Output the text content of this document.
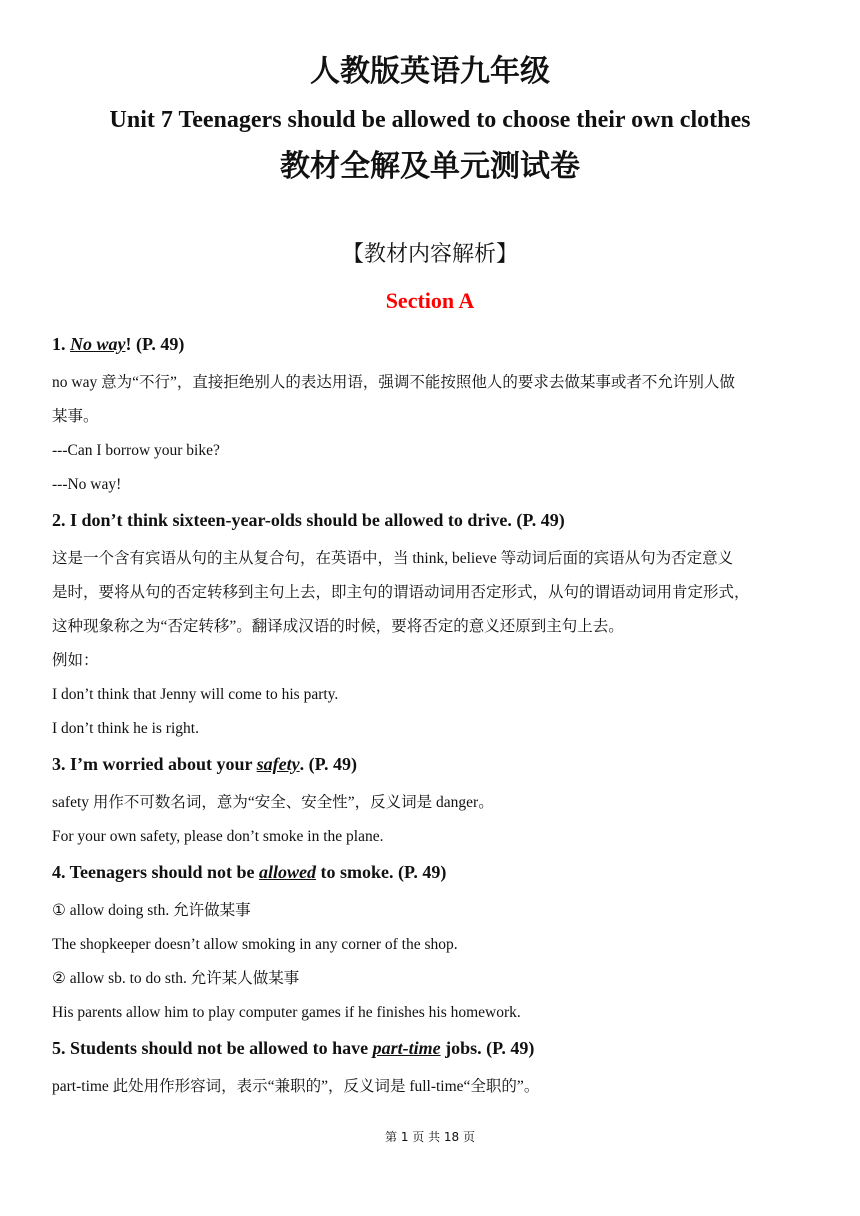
人教版英语九年级
Unit 7 Teenagers should be allowed to choose their own clothes
教材全解及单元测试卷
【教材内容解析】
Section A
1. No way! (P. 49)
no way 意为“不行”，直接拒绝别人的表达用语，强调不能按照他人的要求去做某事或者不允许别人做
某事。
---Can I borrow your bike?
---No way!
2. I don’t think sixteen-year-olds should be allowed to drive. (P. 49)
这是一个含有宾语从句的主从复合句，在英语中，当 think, believe 等动词后面的宾语从句为否定意义
是时，要将从句的否定转移到主句上去，即主句的谓语动词用否定形式，从句的谓语动词用肯定形式，
这种现象称之为“否定转移”。翻译成汉语的时候，要将否定的意义还原到主句上去。
例如：
I don’t think that Jenny will come to his party.
I don’t think he is right.
3. I’m worried about your safety. (P. 49)
safety 用作不可数名词，意为“安全、安全性”，反义词是 danger。
For your own safety, please don’t smoke in the plane.
4. Teenagers should not be allowed to smoke. (P. 49)
① allow doing sth. 允许做某事
The shopkeeper doesn’t allow smoking in any corner of the shop.
② allow sb. to do sth. 允许某人做某事
His parents allow him to play computer games if he finishes his homework.
5. Students should not be allowed to have part-time jobs. (P. 49)
part-time 此处用作形容词，表示“兼职的”，反义词是 full-time“全职的”。
第 1 页 共 18 页
